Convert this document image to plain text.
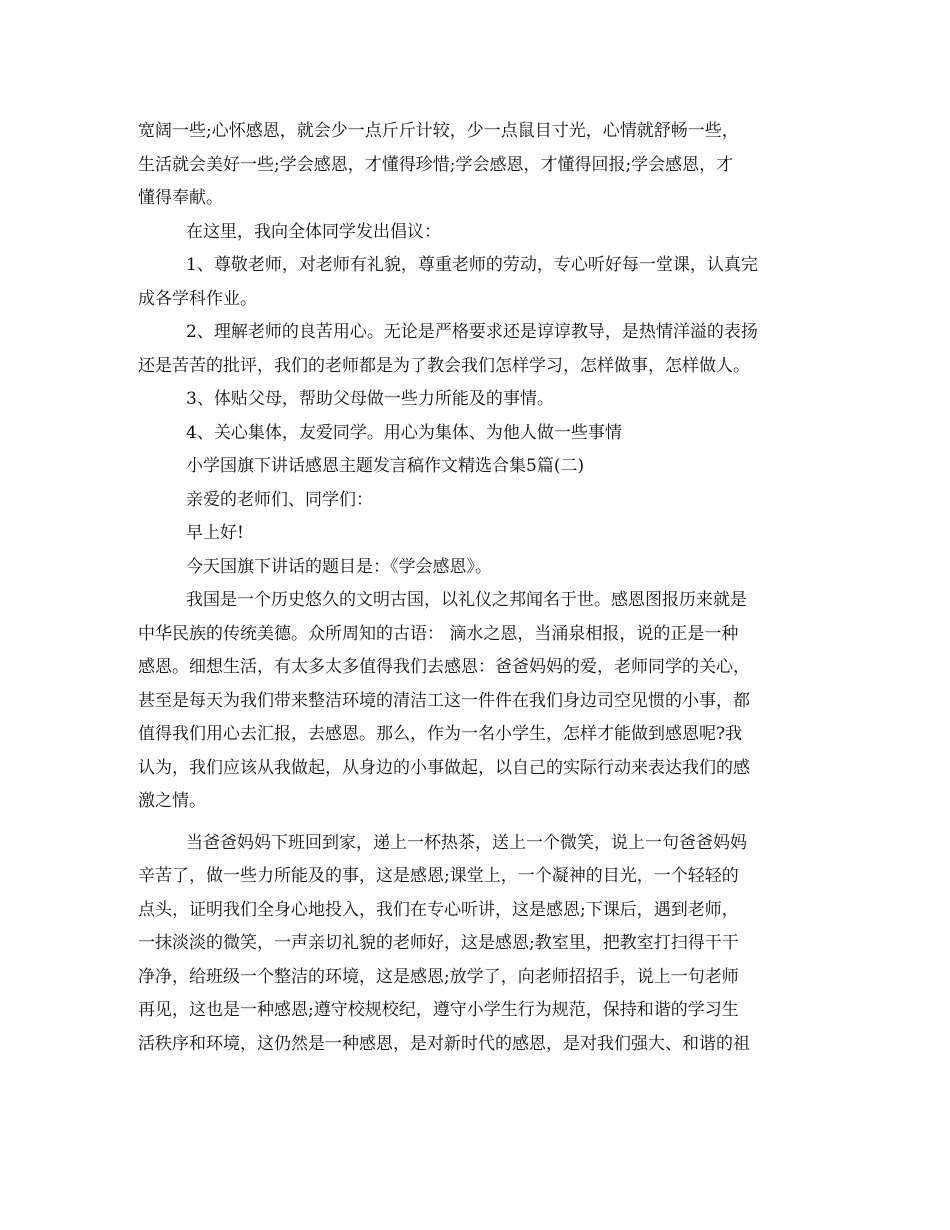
宽阔一些;心怀感恩，就会少一点斤斤计较，少一点鼠目寸光，心情就舒畅一些，

生活就会美好一些;学会感恩，才懂得珍惜;学会感恩，才懂得回报;学会感恩，才

懂得奉献。

在这里，我向全体同学发出倡议：

1、尊敬老师，对老师有礼貌，尊重老师的劳动，专心听好每一堂课，认真完

成各学科作业。

2、理解老师的良苦用心。无论是严格要求还是谆谆教导，是热情洋溢的表扬

还是苦苦的批评，我们的老师都是为了教会我们怎样学习，怎样做事，怎样做人。

3、体贴父母，帮助父母做一些力所能及的事情。

4、关心集体，友爱同学。用心为集体、为他人做一些事情

小学国旗下讲话感恩主题发言稿作文精选合集5篇(二)

亲爱的老师们、同学们：

早上好!

今天国旗下讲话的题目是：《学会感恩》。

我国是一个历史悠久的文明古国，以礼仪之邦闻名于世。感恩图报历来就是

中华民族的传统美德。众所周知的古语： 滴水之恩，当涌泉相报，说的正是一种

感恩。细想生活，有太多太多值得我们去感恩：爸爸妈妈的爱，老师同学的关心，

甚至是每天为我们带来整洁环境的清洁工这一件件在我们身边司空见惯的小事，都

值得我们用心去汇报，去感恩。那么，作为一名小学生，怎样才能做到感恩呢?我

认为，我们应该从我做起，从身边的小事做起，以自己的实际行动来表达我们的感

激之情。

当爸爸妈妈下班回到家，递上一杯热茶，送上一个微笑，说上一句爸爸妈妈

辛苦了，做一些力所能及的事，这是感恩;课堂上，一个凝神的目光，一个轻轻的

点头，证明我们全身心地投入，我们在专心听讲，这是感恩;下课后，遇到老师，

一抹淡淡的微笑，一声亲切礼貌的老师好，这是感恩;教室里，把教室打扫得干干

净净，给班级一个整洁的环境，这是感恩;放学了，向老师招招手，说上一句老师

再见，这也是一种感恩;遵守校规校纪，遵守小学生行为规范，保持和谐的学习生

活秩序和环境，这仍然是一种感恩，是对新时代的感恩，是对我们强大、和谐的祖
